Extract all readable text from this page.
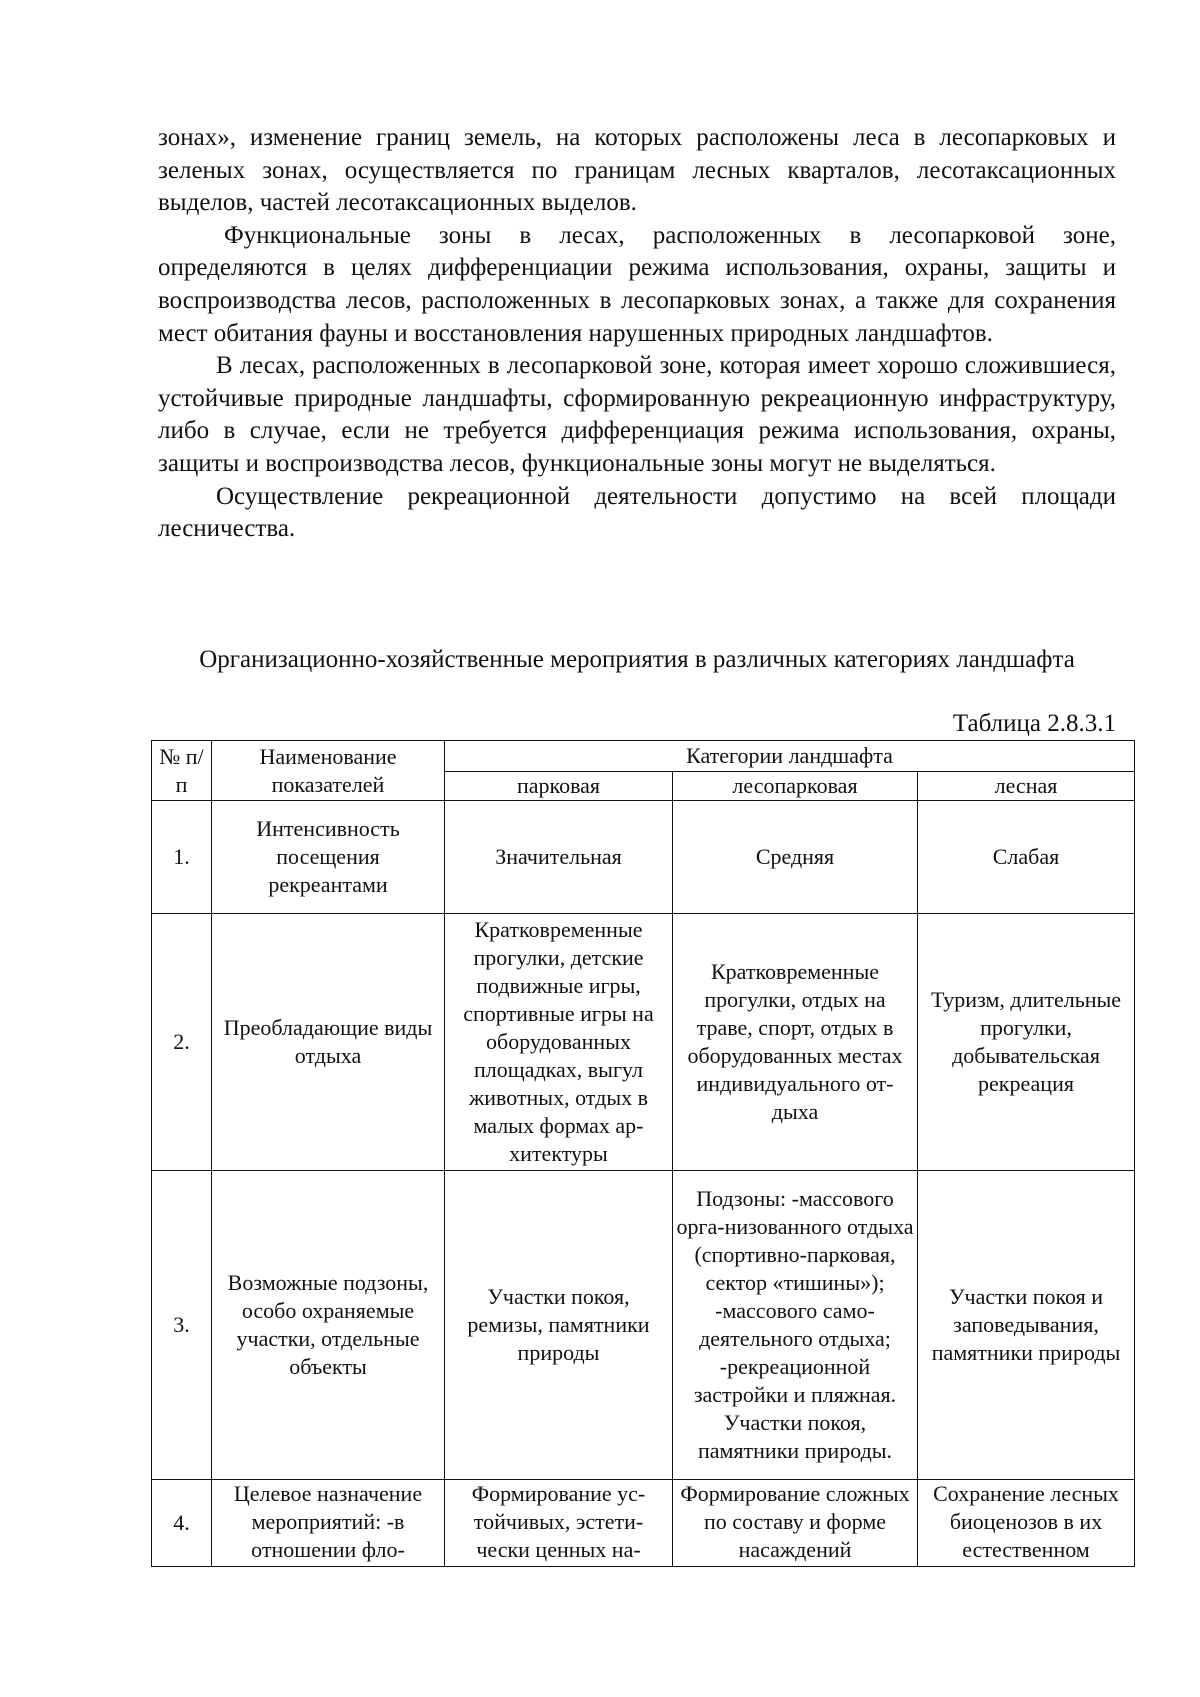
зонах», изменение границ земель, на которых расположены леса в лесопарковых и зеленых зонах, осуществляется по границам лесных кварталов, лесотаксационных выделов, частей лесотаксационных выделов.

Функциональные зоны в лесах, расположенных в лесопарковой зоне, определяются в целях дифференциации режима использования, охраны, защиты и воспроизводства лесов, расположенных в лесопарковых зонах, а также для сохранения мест обитания фауны и восстановления нарушенных природных ландшафтов.

В лесах, расположенных в лесопарковой зоне, которая имеет хорошо сложившиеся, устойчивые природные ландшафты, сформированную рекреационную инфраструктуру, либо в случае, если не требуется дифференциация режима использования, охраны, защиты и воспроизводства лесов, функциональные зоны могут не выделяться.

Осуществление рекреационной деятельности допустимо на всей площади лесничества.

Организационно-хозяйственные мероприятия в различных категориях ландшафта
Таблица 2.8.3.1
№ п/п	Наименование показателей	Категории ландшафта		
		парковая	лесопарковая	лесная
1.	Интенсивность посещения рекреантами	Значительная	Средняя	Слабая
2.	Преобладающие виды отдыха	Кратковременные прогулки, детские подвижные игры, спортивные игры на оборудованных площадках, выгул животных, отдых в малых формах ар-хитектуры	Кратковременные прогулки, отдых на траве, спорт, отдых в оборудованных местах индивидуального от-дыха	Туризм, длительные прогулки, добывательская рекреация
3.	Возможные подзоны, особо охраняемые участки, отдельные объекты	Участки покоя, ремизы, памятники природы	Подзоны: -массового орга-низованного отдыха (спортивно-парковая, сектор «тишины»); -массового само-деятельного отдыха; -рекреационной застройки и пляжная. Участки покоя, памятники природы.	Участки покоя и заповедывания, памятники природы
4.	Целевое назначение мероприятий: -в отношении фло-	Формирование ус-тойчивых, эстети-чески ценных на-	Формирование сложных по составу и форме насаждений	Сохранение лесных биоценозов в их естественном
